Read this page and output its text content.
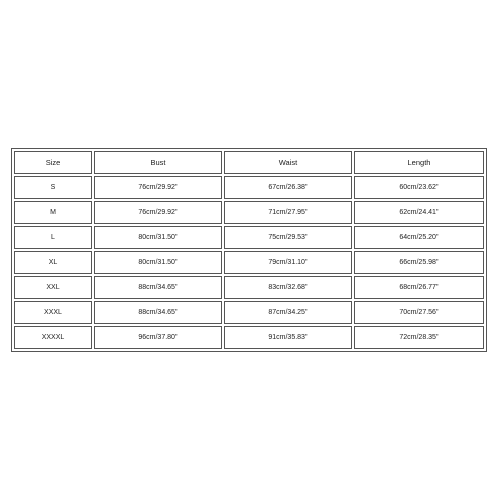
Size	Bust	Waist	Length
S	76cm/29.92''	67cm/26.38''	60cm/23.62''
M	76cm/29.92''	71cm/27.95''	62cm/24.41''
L	80cm/31.50''	75cm/29.53''	64cm/25.20''
XL	80cm/31.50''	79cm/31.10''	66cm/25.98''
XXL	88cm/34.65''	83cm/32.68''	68cm/26.77''
XXXL	88cm/34.65''	87cm/34.25''	70cm/27.56''
XXXXL	96cm/37.80''	91cm/35.83''	72cm/28.35''
